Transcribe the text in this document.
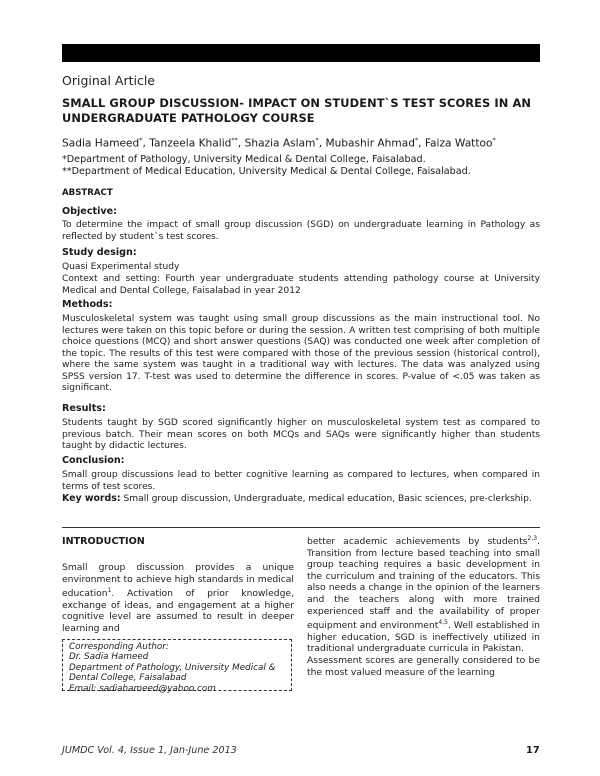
Original Article
SMALL GROUP DISCUSSION- IMPACT ON STUDENT`S TEST SCORES IN AN UNDERGRADUATE PATHOLOGY COURSE
Sadia Hameed*, Tanzeela Khalid**, Shazia Aslam*, Mubashir Ahmad*, Faiza Wattoo*
*Department of Pathology, University Medical & Dental College, Faisalabad.
**Department of Medical Education, University Medical & Dental College, Faisalabad.
ABSTRACT
Objective:
To determine the impact of small group discussion (SGD) on undergraduate learning in Pathology as reflected by student`s test scores.
Study design:
Quasi Experimental study
Context and setting: Fourth year undergraduate students attending pathology course at University Medical and Dental College, Faisalabad in year 2012
Methods:
Musculoskeletal system was taught using small group discussions as the main instructional tool. No lectures were taken on this topic before or during the session. A written test comprising of both multiple choice questions (MCQ) and short answer questions (SAQ) was conducted one week after completion of the topic. The results of this test were compared with those of the previous session (historical control), where the same system was taught in a traditional way with lectures. The data was analyzed using SPSS version 17. T-test was used to determine the difference in scores. P-value of <.05 was taken as significant.
Results:
Students taught by SGD scored significantly higher on musculoskeletal system test as compared to previous batch. Their mean scores on both MCQs and SAQs were significantly higher than students taught by didactic lectures.
Conclusion:
Small group discussions lead to better cognitive learning as compared to lectures, when compared in terms of test scores.
Key words: Small group discussion, Undergraduate, medical education, Basic sciences, pre-clerkship.
INTRODUCTION
Small group discussion provides a unique environment to achieve high standards in medical education$^1$. Activation of prior knowledge, exchange of ideas, and engagement at a higher cognitive level are assumed to result in deeper learning and
Corresponding Author:
Dr. Sadia Hameed
Department of Pathology, University Medical & Dental College, Faisalabad
Email: sadiahameed@yahoo.com
better academic achievements by students$^{2,3}$. Transition from lecture based teaching into small group teaching requires a basic development in the curriculum and training of the educators. This also needs a change in the opinion of the learners and the teachers along with more trained experienced staff and the availability of proper equipment and environment$^{4,5}$. Well established in higher education, SGD is ineffectively utilized in traditional undergraduate curricula in Pakistan.
Assessment scores are generally considered to be the most valued measure of the learning
JUMDC Vol. 4, Issue 1, Jan-June 2013	17
